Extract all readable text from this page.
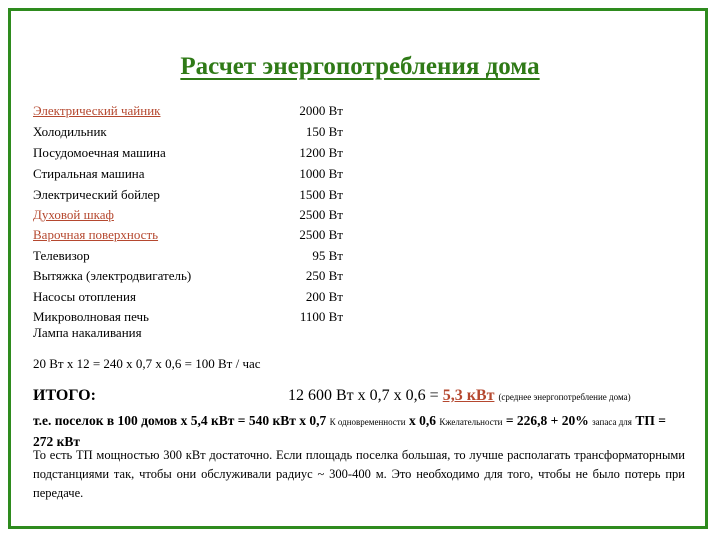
Расчет энергопотребления дома
Электрический чайник	2000 Вт
Холодильник	150 Вт
Посудомоечная машина	1200 Вт
Стиральная машина	1000 Вт
Электрический бойлер	1500 Вт
Духовой шкаф	2500 Вт
Варочная поверхность	2500 Вт
Телевизор	95 Вт
Вытяжка (электродвигатель)	250 Вт
Насосы отопления	200 Вт
Микроволновая печь	1100 Вт
Лампа накаливания
20 Вт х 12 = 240 х 0,7 х 0,6 = 100 Вт / час
ИТОГО:	12 600 Вт х 0,7 х 0,6 = 5,3 кВт (среднее энергопотребление дома)
т.е. поселок в 100 домов х 5,4 кВт = 540 кВт х 0,7 К одновременности х 0,6 Кжелательности = 226,8 + 20% запаса для ТП = 272 кВт
То есть ТП мощностью 300 кВт достаточно. Если площадь поселка большая, то лучше располагать трансформаторными подстанциями так, чтобы они обслуживали радиус ~ 300-400 м. Это необходимо для того, чтобы не было потерь при передаче.
